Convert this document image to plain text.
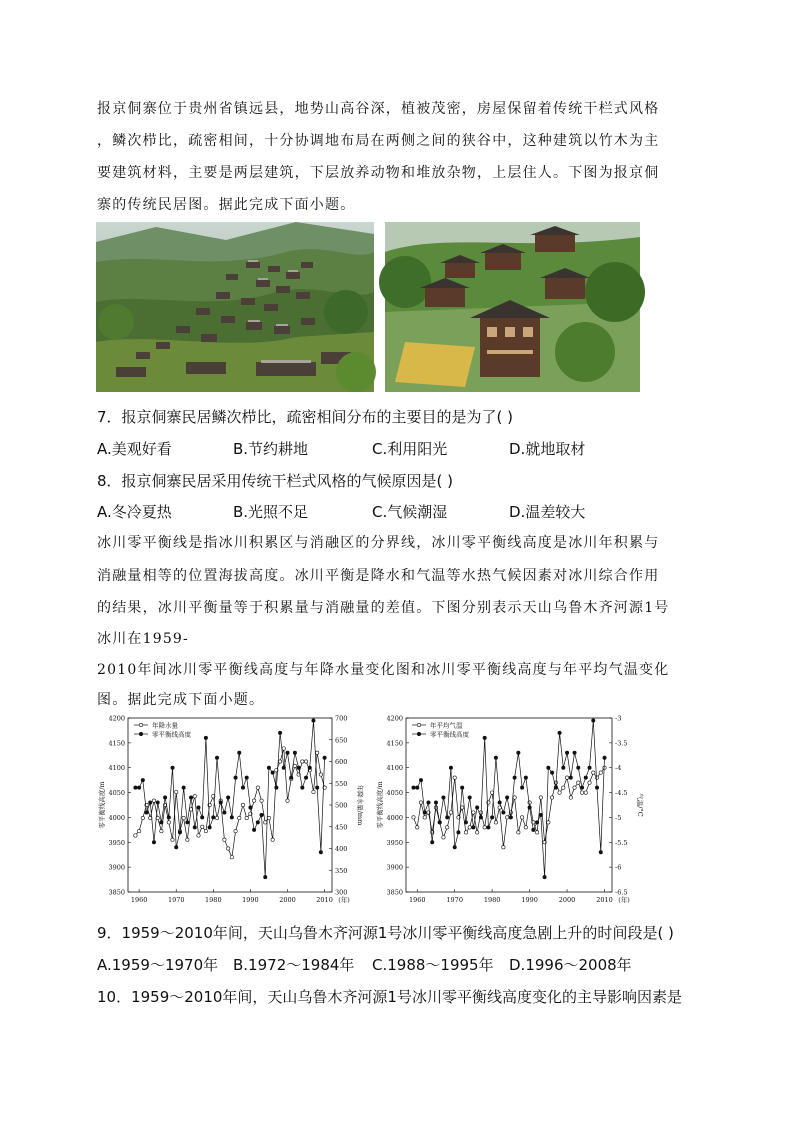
报京侗寨位于贵州省镇远县，地势山高谷深，植被茂密，房屋保留着传统干栏式风格
，鳞次栉比，疏密相间，十分协调地布局在两侧之间的狭谷中，这种建筑以竹木为主
要建筑材料，主要是两层建筑，下层放养动物和堆放杂物，上层住人。下图为报京侗
寨的传统民居图。据此完成下面小题。
7．报京侗寨民居鳞次栉比，疏密相间分布的主要目的是为了( )
A.美观好看	B.节约耕地	C.利用阳光	D.就地取材
8．报京侗寨民居采用传统干栏式风格的气候原因是( )
A.冬冷夏热	B.光照不足	C.气候潮湿	D.温差较大
冰川零平衡线是指冰川积累区与消融区的分界线，冰川零平衡线高度是冰川年积累与
消融量相等的位置海拔高度。冰川平衡是降水和气温等水热气候因素对冰川综合作用
的结果，冰川平衡量等于积累量与消融量的差值。下图分别表示天山乌鲁木齐河源1号
冰川在1959-
2010年间冰川零平衡线高度与年降水量变化图和冰川零平衡线高度与年平均气温变化
图。据此完成下面小题。
3850
3900
3950
4000
4050
4100
4150
4200
300
350
400
450
500
550
600
650
700
1960	1970	1980	1990	2000	2010 (年)
零平衡线高度/m	年降水量/mm
年降水量
零平衡线高度
3850
3900
3950
4000
4050
4100
4150
4200
-6.5
-6
-5.5
-5
-4.5
-4
-3.5
-3
1960	1970	1980	1990	2000	2010 (年)
零平衡线高度/m	气温/°C
年平均气温
零平衡线高度
9．1959～2010年间，天山乌鲁木齐河源1号冰川零平衡线高度急剧上升的时间段是( )
A.1959～1970年 B.1972～1984年 C.1988～1995年 D.1996～2008年
10．1959～2010年间，天山乌鲁木齐河源1号冰川零平衡线高度变化的主导影响因素是
